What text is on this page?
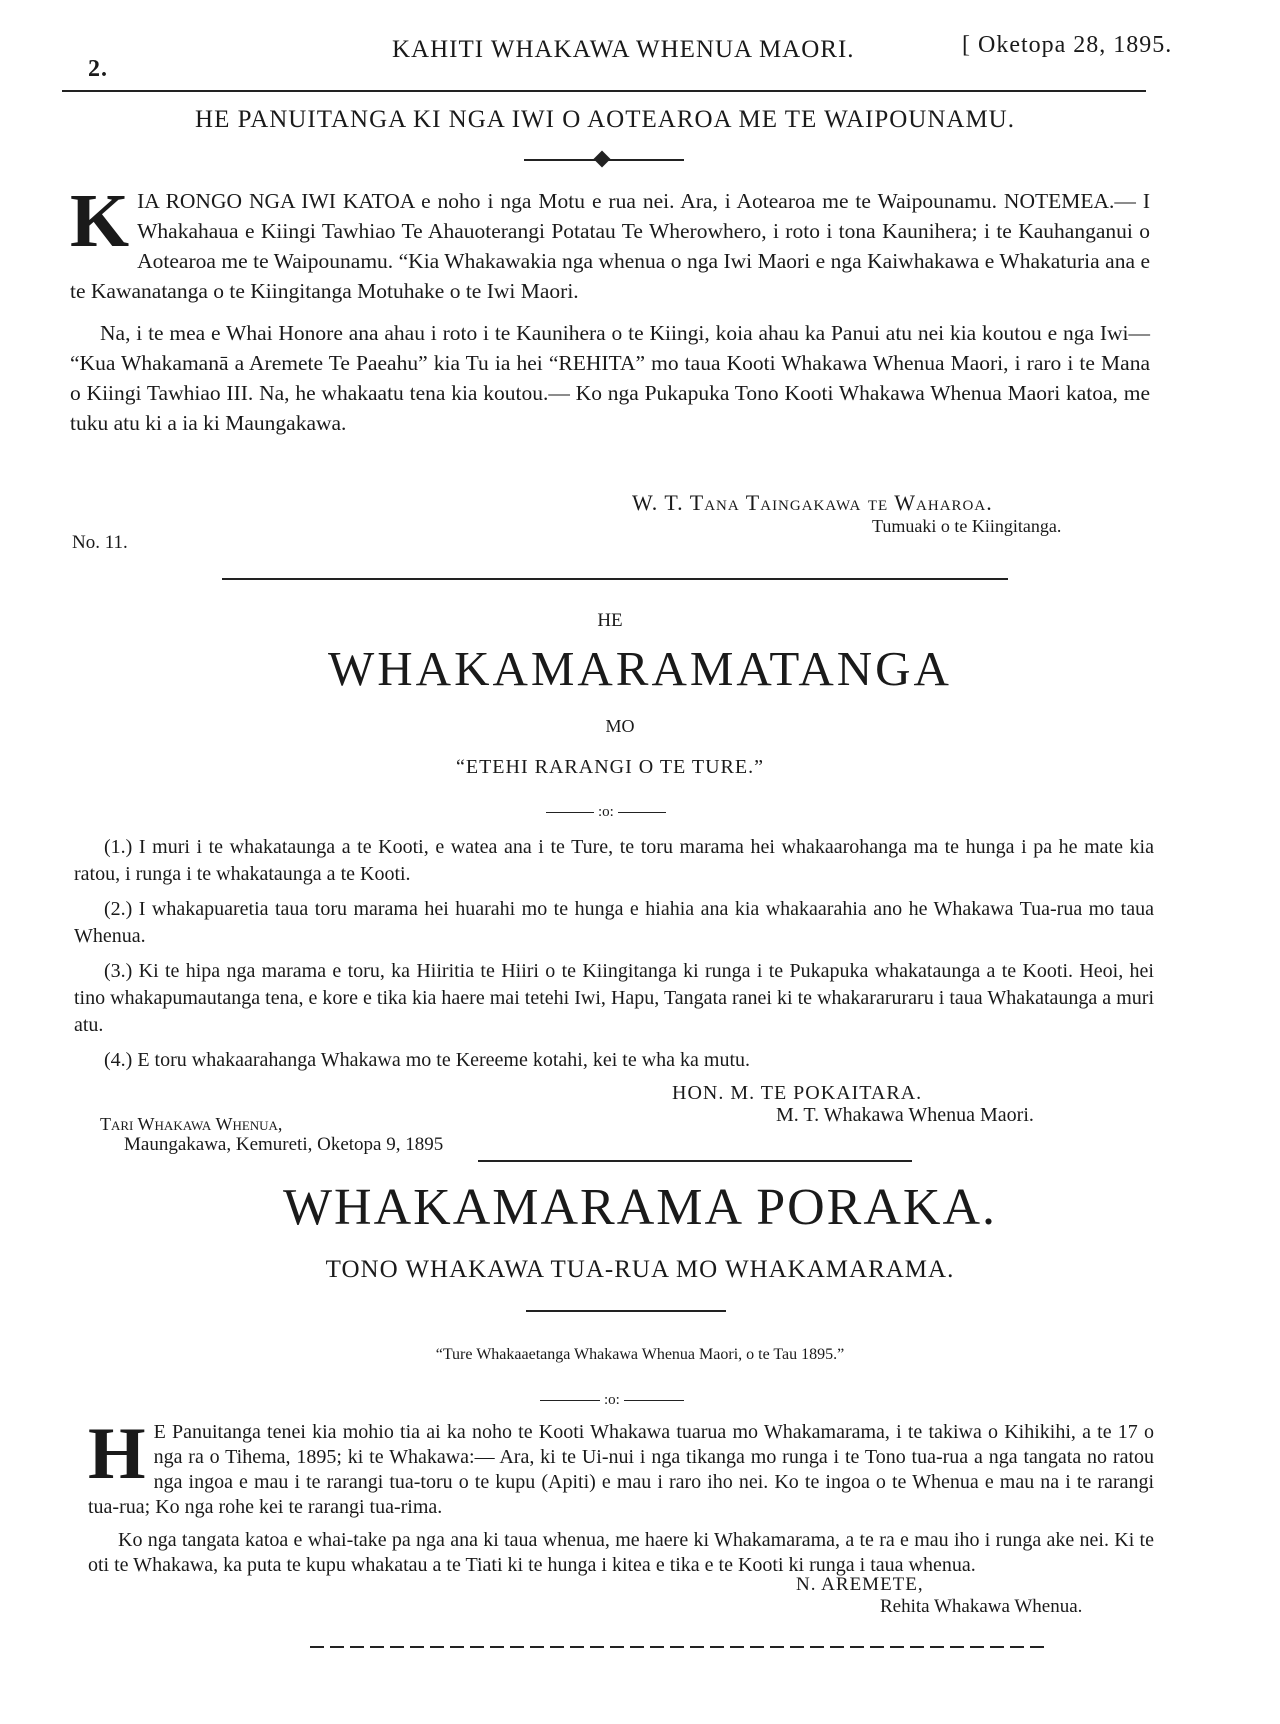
2.
KAHITI WHAKAWA WHENUA MAORI.	[ Oketopa 28, 1895.
HE PANUITANGA KI NGA IWI O AOTEAROA ME TE WAIPOUNAMU.
K IA RONGO NGA IWI KATOA e noho i nga Motu e rua nei. Ara, i Aotearoa me te Waipounamu. NOTEMEA.— I Whakahaua e Kiingi Tawhiao Te Ahauoterangi Potatau Te Wherowhero, i roto i tona Kaunihera; i te Kauhanganui o Aotearoa me te Waipounamu. “Kia Whakawakia nga whenua o nga Iwi Maori e nga Kaiwhakawa e Whakaturia ana e te Kawanatanga o te Kiingitanga Motuhake o te Iwi Maori.
Na, i te mea e Whai Honore ana ahau i roto i te Kaunihera o te Kiingi, koia ahau ka Panui atu nei kia koutou e nga Iwi— “Kua Whakamanā a Aremete Te Paeahu” kia Tu ia hei “REHITA” mo taua Kooti Whakawa Whenua Maori, i raro i te Mana o Kiingi Tawhiao III. Na, he whakaatu tena kia koutou.— Ko nga Pukapuka Tono Kooti Whakawa Whenua Maori katoa, me tuku atu ki a ia ki Maungakawa.
W. T. Tana Taingakawa te Waharoa.
Tumuaki o te Kiingitanga.
No. 11.
HE
WHAKAMARAMATANGA
MO
“ETEHI RARANGI O TE TURE.”
:o:
(1.) I muri i te whakataunga a te Kooti, e watea ana i te Ture, te toru marama hei whakaarohanga ma te hunga i pa he mate kia ratou, i runga i te whakataunga a te Kooti.
(2.) I whakapuaretia taua toru marama hei huarahi mo te hunga e hiahia ana kia whakaarahia ano he Whakawa Tua-rua mo taua Whenua.
(3.) Ki te hipa nga marama e toru, ka Hiiritia te Hiiri o te Kiingitanga ki runga i te Pukapuka whakataunga a te Kooti. Heoi, hei tino whakapumautanga tena, e kore e tika kia haere mai tetehi Iwi, Hapu, Tangata ranei ki te whakararuraru i taua Whakataunga a muri atu.
(4.) E toru whakaarahanga Whakawa mo te Kereeme kotahi, kei te wha ka mutu.
HON. M. TE POKAITARA.
M. T. Whakawa Whenua Maori.
Tari Whakawa Whenua,
Maungakawa, Kemureti, Oketopa 9, 1895
WHAKAMARAMA PORAKA.
TONO WHAKAWA TUA-RUA MO WHAKAMARAMA.
“Ture Whakaaetanga Whakawa Whenua Maori, o te Tau 1895.”
:o:
H E Panuitanga tenei kia mohio tia ai ka noho te Kooti Whakawa tuarua mo Whakamarama, i te takiwa o Kihikihi, a te 17 o nga ra o Tihema, 1895; ki te Whakawa:— Ara, ki te Ui-nui i nga tikanga mo runga i te Tono tua-rua a nga tangata no ratou nga ingoa e mau i te rarangi tua-toru o te kupu (Apiti) e mau i raro iho nei. Ko te ingoa o te Whenua e mau na i te rarangi tua-rua; Ko nga rohe kei te rarangi tua-rima.
Ko nga tangata katoa e whai-take pa nga ana ki taua whenua, me haere ki Whakamarama, a te ra e mau iho i runga ake nei. Ki te oti te Whakawa, ka puta te kupu whakatau a te Tiati ki te hunga i kitea e tika e te Kooti ki runga i taua whenua.
N. AREMETE,
Rehita Whakawa Whenua.
